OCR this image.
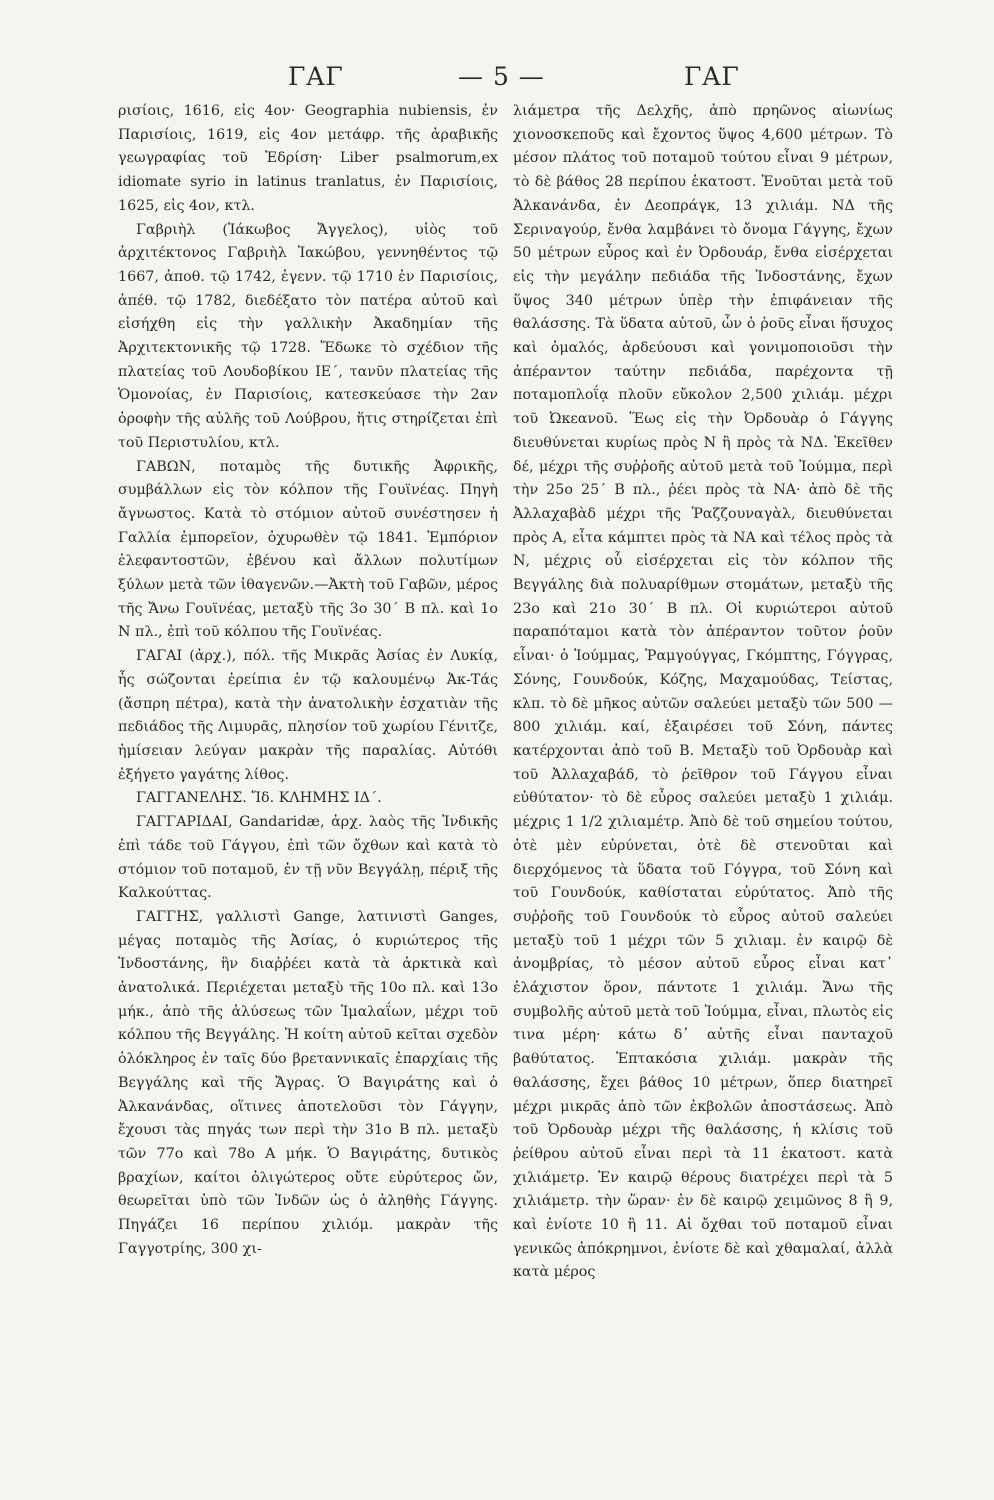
ΓΑΓ	— 5 —	ΓΑΓ

ρισίοις, 1616, εἰς 4ον· Geographia nubiensis, ἐν Παρισίοις, 1619, εἰς 4ον μετάφρ. τῆς ἀραβικῆς γεωγραφίας τοῦ Ἐδρίση· Liber psalmorum,ex idiomate syrio in latinus tranlatus, ἐν Παρισίοις, 1625, εἰς 4ον, κτλ.

Γαβριὴλ (Ἰάκωβος Ἄγγελος), υἱὸς τοῦ ἀρχιτέκτονος Γαβριὴλ Ἰακώβου, γεννηθέντος τῷ 1667, ἀποθ. τῷ 1742, ἐγενν. τῷ 1710 ἐν Παρισίοις, ἀπέθ. τῷ 1782, διεδέξατο τὸν πατέρα αὐτοῦ καὶ εἰσήχθη εἰς τὴν γαλλικὴν Ἀκαδημίαν τῆς Ἀρχιτεκτονικῆς τῷ 1728. Ἔδωκε τὸ σχέδιον τῆς πλατείας τοῦ Λουδοβίκου ΙΕ΄, τανῦν πλατείας τῆς Ὁμονοίας, ἐν Παρισίοις, κατεσκεύασε τὴν 2αν ὀροφὴν τῆς αὐλῆς τοῦ Λούβρου, ἥτις στηρίζεται ἐπὶ τοῦ Περιστυλίου, κτλ.

ΓΑΒΩΝ, ποταμὸς τῆς δυτικῆς Ἀφρικῆς, συμβάλλων εἰς τὸν κόλπον τῆς Γουϊνέας. Πηγὴ ἄγνωστος. Κατὰ τὸ στόμιον αὐτοῦ συνέστησεν ἡ Γαλλία ἐμπορεῖον, ὀχυρωθὲν τῷ 1841. Ἐμπόριον ἐλεφαντοστῶν, ἐβένου καὶ ἄλλων πολυτίμων ξύλων μετὰ τῶν ἰθαγενῶν.—Ἀκτὴ τοῦ Γαβῶν, μέρος τῆς Ἄνω Γουϊνέας, μεταξὺ τῆς 3ο 30΄ Β πλ. καὶ 1ο Ν πλ., ἐπὶ τοῦ κόλπου τῆς Γουϊνέας.

ΓΑΓΑΙ (ἀρχ.), πόλ. τῆς Μικρᾶς Ἀσίας ἐν Λυκίᾳ, ἧς σώζονται ἐρείπια ἐν τῷ καλουμένῳ Ἀκ-Τάς (ἄσπρη πέτρα), κατὰ τὴν ἀνατολικὴν ἐσχατιὰν τῆς πεδιάδος τῆς Λιμυρᾶς, πλησίον τοῦ χωρίου Γένιτζε, ἡμίσειαν λεύγαν μακρὰν τῆς παραλίας. Αὐτόθι ἐξήγετο γαγάτης λίθος.

ΓΑΓΓΑΝΕΛΗΣ. Ἴδ. ΚΛΗΜΗΣ ΙΔ΄.

ΓΑΓΓΑΡΙΔΑΙ, Gandaridæ, ἀρχ. λαὸς τῆς Ἰνδικῆς ἐπὶ τάδε τοῦ Γάγγου, ἐπὶ τῶν ὄχθων καὶ κατὰ τὸ στόμιον τοῦ ποταμοῦ, ἐν τῇ νῦν Βεγγάλῃ, πέριξ τῆς Καλκούττας.

ΓΑΓΓΗΣ, γαλλιστὶ Gange, λατινιστὶ Ganges, μέγας ποταμὸς τῆς Ἀσίας, ὁ κυριώτερος τῆς Ἰνδοστάνης, ἣν διαῤῥέει κατὰ τὰ ἀρκτικὰ καὶ ἀνατολικά. Περιέχεται μεταξὺ τῆς 10ο πλ. καὶ 13ο μήκ., ἀπὸ τῆς ἁλύσεως τῶν Ἱμαλαΐων, μέχρι τοῦ κόλπου τῆς Βεγγάλης. Ἡ κοίτη αὐτοῦ κεῖται σχεδὸν ὁλόκληρος ἐν ταῖς δύο βρεταννικαῖς ἐπαρχίαις τῆς Βεγγάλης καὶ τῆς Ἄγρας. Ὁ Βαγιράτης καὶ ὁ Ἀλκανάνδας, οἵτινες ἀποτελοῦσι τὸν Γάγγην, ἔχουσι τὰς πηγάς των περὶ τὴν 31ο Β πλ. μεταξὺ τῶν 77ο καὶ 78ο Α μήκ. Ὁ Βαγιράτης, δυτικὸς βραχίων, καίτοι ὀλιγώτερος οὔτε εὐρύτερος ὤν, θεωρεῖται ὑπὸ τῶν Ἰνδῶν ὡς ὁ ἀληθὴς Γάγγης. Πηγάζει 16 περίπου χιλιόμ. μακρὰν τῆς Γαγγοτρίης, 300 χι-

λιάμετρα τῆς Δελχῆς, ἀπὸ πρηῶνος αἰωνίως χιονοσκεποῦς καὶ ἔχοντος ὕψος 4,600 μέτρων. Τὸ μέσον πλάτος τοῦ ποταμοῦ τούτου εἶναι 9 μέτρων, τὸ δὲ βάθος 28 περίπου ἑκατοστ. Ἑνοῦται μετὰ τοῦ Ἀλκανάνδα, ἐν Δεοπράγκ, 13 χιλιάμ. ΝΔ τῆς Σεριναγούρ, ἔνθα λαμβάνει τὸ ὄνομα Γάγγης, ἔχων 50 μέτρων εὖρος καὶ ἐν Ὀρδουάρ, ἔνθα εἰσέρχεται εἰς τὴν μεγάλην πεδιάδα τῆς Ἰνδοστάνης, ἔχων ὕψος 340 μέτρων ὑπὲρ τὴν ἐπιφάνειαν τῆς θαλάσσης. Τὰ ὕδατα αὐτοῦ, ὧν ὁ ῥοῦς εἶναι ἥσυχος καὶ ὁμαλός, ἀρδεύουσι καὶ γονιμοποιοῦσι τὴν ἀπέραντον ταύτην πεδιάδα, παρέχοντα τῇ ποταμοπλοΐᾳ πλοῦν εὔκολον 2,500 χιλιάμ. μέχρι τοῦ Ὠκεανοῦ. Ἕως εἰς τὴν Ὀρδουὰρ ὁ Γάγγης διευθύνεται κυρίως πρὸς Ν ἢ πρὸς τὰ ΝΔ. Ἐκεῖθεν δέ, μέχρι τῆς συῤῥοῆς αὐτοῦ μετὰ τοῦ Ἰούμμα, περὶ τὴν 25ο 25΄ Β πλ., ῥέει πρὸς τὰ ΝΑ· ἀπὸ δὲ τῆς Ἀλλαχαβὰδ μέχρι τῆς Ῥαζζουναγὰλ, διευθύνεται πρὸς Α, εἶτα κάμπτει πρὸς τὰ ΝΑ καὶ τέλος πρὸς τὰ Ν, μέχρις οὗ εἰσέρχεται εἰς τὸν κόλπον τῆς Βεγγάλης διὰ πολυαρίθμων στομάτων, μεταξὺ τῆς 23ο καὶ 21ο 30΄ Β πλ. Οἱ κυριώτεροι αὐτοῦ παραπόταμοι κατὰ τὸν ἀπέραντον τοῦτον ῥοῦν εἶναι· ὁ Ἰούμμας, Ῥαμγούγγας, Γκόμπτης, Γόγγρας, Σόνης, Γουνδούκ, Κόζης, Μαχαμούδας, Τείστας, κλπ. τὸ δὲ μῆκος αὐτῶν σαλεύει μεταξὺ τῶν 500 — 800 χιλιάμ. καί, ἐξαιρέσει τοῦ Σόνη, πάντες κατέρχονται ἀπὸ τοῦ Β. Μεταξὺ τοῦ Ὀρδουὰρ καὶ τοῦ Ἀλλαχαβάδ, τὸ ῥεῖθρον τοῦ Γάγγου εἶναι εὐθύτατον· τὸ δὲ εὖρος σαλεύει μεταξὺ 1 χιλιάμ. μέχρις 1 1/2 χιλιαμέτρ. Ἀπὸ δὲ τοῦ σημείου τούτου, ὁτὲ μὲν εὐρύνεται, ὁτὲ δὲ στενοῦται καὶ διερχόμενος τὰ ὕδατα τοῦ Γόγγρα, τοῦ Σόνη καὶ τοῦ Γουνδούκ, καθίσταται εὐρύτατος. Ἀπὸ τῆς συῤῥοῆς τοῦ Γουνδούκ τὸ εὖρος αὐτοῦ σαλεύει μεταξὺ τοῦ 1 μέχρι τῶν 5 χιλιαμ. ἐν καιρῷ δὲ ἀνομβρίας, τὸ μέσον αὐτοῦ εὖρος εἶναι κατ᾽ ἐλάχιστον ὅρον, πάντοτε 1 χιλιάμ. Ἄνω τῆς συμβολῆς αὐτοῦ μετὰ τοῦ Ἰούμμα, εἶναι, πλωτὸς εἰς τινα μέρη· κάτω δ᾽ αὐτῆς εἶναι πανταχοῦ βαθύτατος. Ἑπτακόσια χιλιάμ. μακρὰν τῆς θαλάσσης, ἔχει βάθος 10 μέτρων, ὅπερ διατηρεῖ μέχρι μικρᾶς ἀπὸ τῶν ἐκβολῶν ἀποστάσεως. Ἀπὸ τοῦ Ὀρδουὰρ μέχρι τῆς θαλάσσης, ἡ κλίσις τοῦ ῥείθρου αὐτοῦ εἶναι περὶ τὰ 11 ἑκατοστ. κατὰ χιλιάμετρ. Ἐν καιρῷ θέρους διατρέχει περὶ τὰ 5 χιλιάμετρ. τὴν ὥραν· ἐν δὲ καιρῷ χειμῶνος 8 ἢ 9, καὶ ἐνίοτε 10 ἢ 11. Αἱ ὄχθαι τοῦ ποταμοῦ εἶναι γενικῶς ἀπόκρημνοι, ἐνίοτε δὲ καὶ χθαμαλαί, ἀλλὰ κατὰ μέρος
